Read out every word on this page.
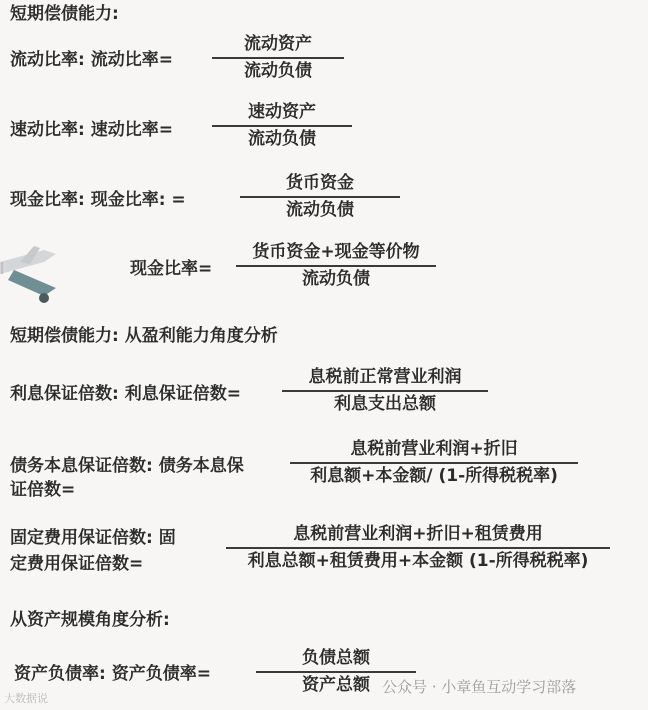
短期偿债能力:
流动比率: 流动比率=
流动资产
流动负债
速动比率: 速动比率=
速动资产
流动负债
现金比率: 现金比率: =
货币资金
流动负债
现金比率=
货币资金+现金等价物
流动负债
短期偿债能力: 从盈利能力角度分析
利息保证倍数: 利息保证倍数=
息税前正常营业利润
利息支出总额
债务本息保证倍数: 债务本息保
证倍数=
息税前营业利润+折旧
利息额+本金额/ (1-所得税税率)
固定费用保证倍数: 固
定费用保证倍数=
息税前营业利润+折旧+租赁费用
利息总额+租赁费用+本金额 (1-所得税税率)
从资产规模角度分析:
资产负债率: 资产负债率=
负债总额
资产总额
大数据说
公众号 · 小章鱼互动学习部落
